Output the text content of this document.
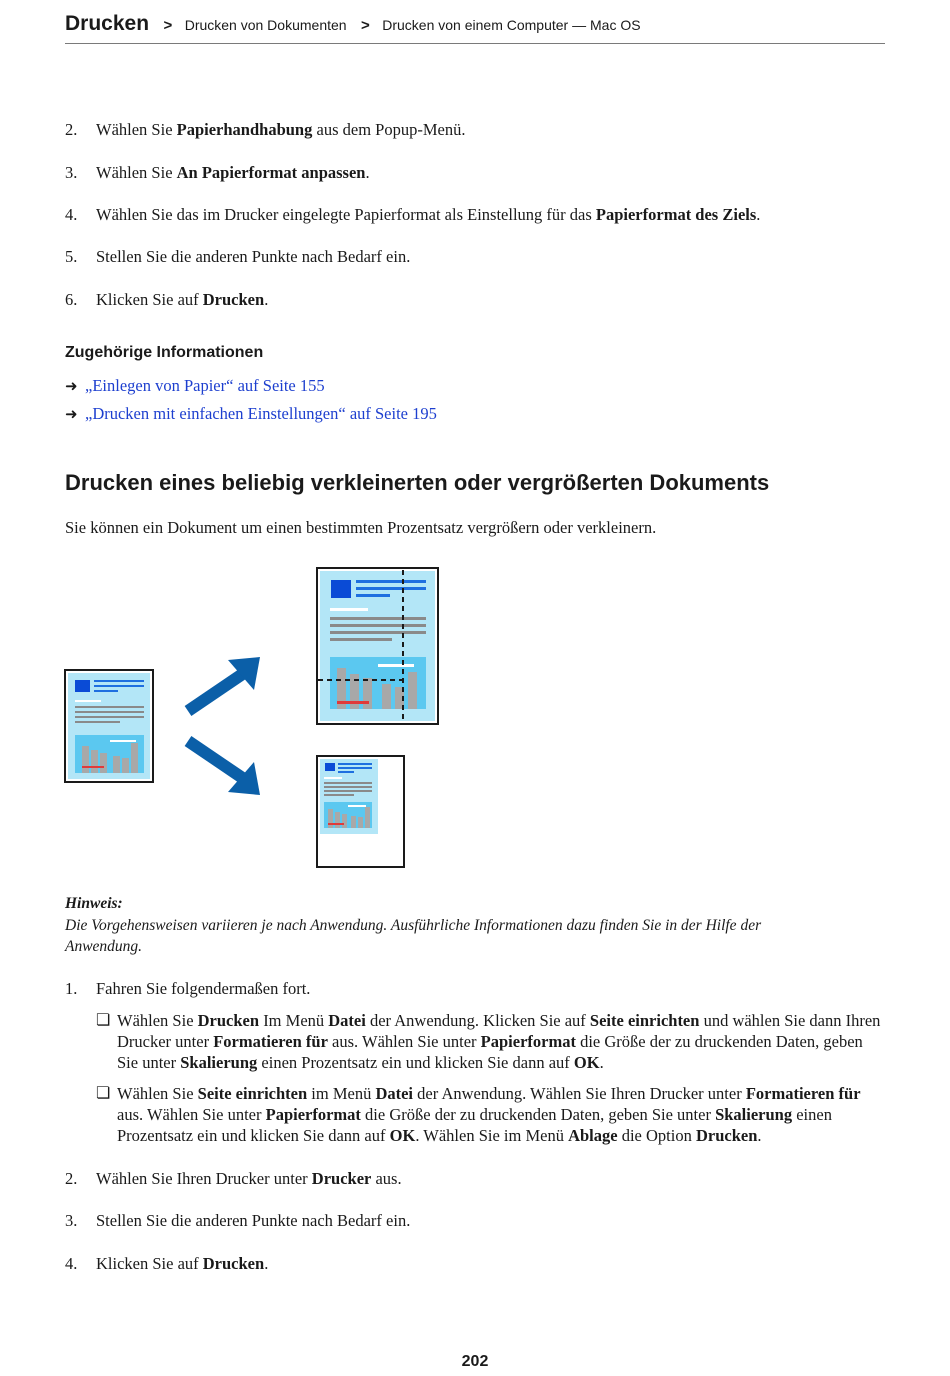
Drucken > Drucken von Dokumenten > Drucken von einem Computer — Mac OS
2. Wählen Sie Papierhandhabung aus dem Popup-Menü.
3. Wählen Sie An Papierformat anpassen.
4. Wählen Sie das im Drucker eingelegte Papierformat als Einstellung für das Papierformat des Ziels.
5. Stellen Sie die anderen Punkte nach Bedarf ein.
6. Klicken Sie auf Drucken.
Zugehörige Informationen
➜ „Einlegen von Papier“ auf Seite 155
➜ „Drucken mit einfachen Einstellungen“ auf Seite 195
Drucken eines beliebig verkleinerten oder vergrößerten Dokuments
Sie können ein Dokument um einen bestimmten Prozentsatz vergrößern oder verkleinern.
Hinweis:
Die Vorgehensweisen variieren je nach Anwendung. Ausführliche Informationen dazu finden Sie in der Hilfe der Anwendung.
1. Fahren Sie folgendermaßen fort.
❏ Wählen Sie Drucken Im Menü Datei der Anwendung. Klicken Sie auf Seite einrichten und wählen Sie dann Ihren Drucker unter Formatieren für aus. Wählen Sie unter Papierformat die Größe der zu druckenden Daten, geben Sie unter Skalierung einen Prozentsatz ein und klicken Sie dann auf OK.
❏ Wählen Sie Seite einrichten im Menü Datei der Anwendung. Wählen Sie Ihren Drucker unter Formatieren für aus. Wählen Sie unter Papierformat die Größe der zu druckenden Daten, geben Sie unter Skalierung einen Prozentsatz ein und klicken Sie dann auf OK. Wählen Sie im Menü Ablage die Option Drucken.
2. Wählen Sie Ihren Drucker unter Drucker aus.
3. Stellen Sie die anderen Punkte nach Bedarf ein.
4. Klicken Sie auf Drucken.
202
